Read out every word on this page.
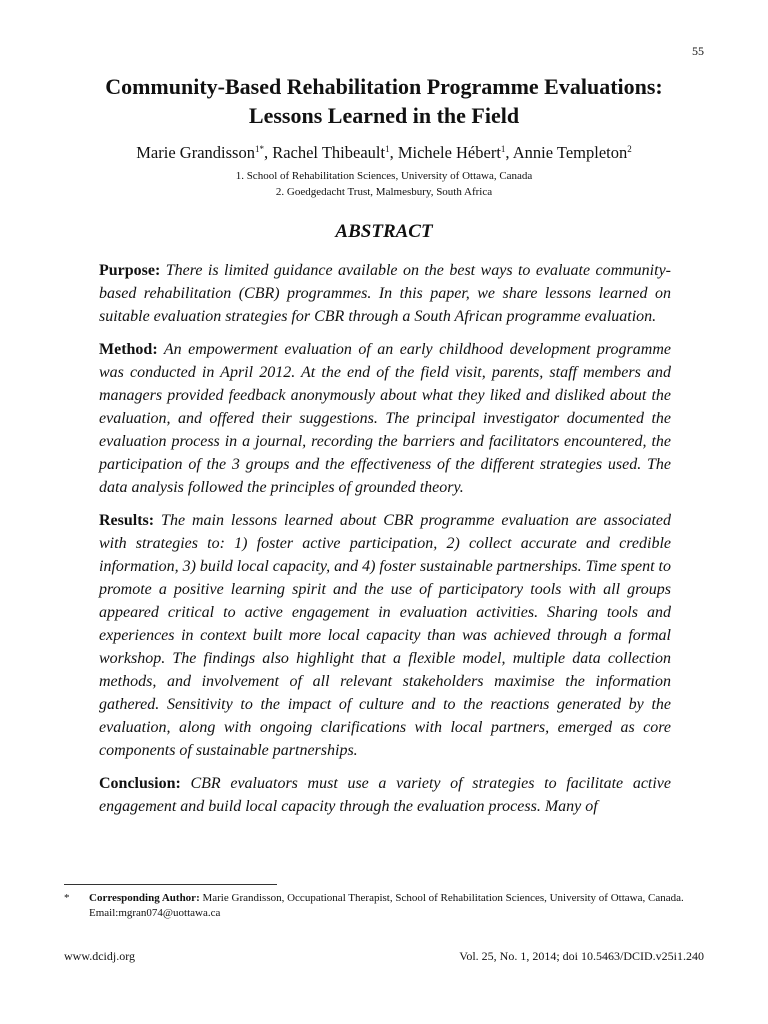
55
Community-Based Rehabilitation Programme Evaluations:
Lessons Learned in the Field
Marie Grandisson$^{1*}$, Rachel Thibeault$^1$, Michele Hébert$^1$, Annie Templeton$^2$
1. School of Rehabilitation Sciences, University of Ottawa, Canada
2. Goedgedacht Trust, Malmesbury, South Africa
ABSTRACT

Purpose: There is limited guidance available on the best ways to evaluate community-based rehabilitation (CBR) programmes. In this paper, we share lessons learned on suitable evaluation strategies for CBR through a South African programme evaluation.

Method: An empowerment evaluation of an early childhood development programme was conducted in April 2012. At the end of the field visit, parents, staff members and managers provided feedback anonymously about what they liked and disliked about the evaluation, and offered their suggestions. The principal investigator documented the evaluation process in a journal, recording the barriers and facilitators encountered, the participation of the 3 groups and the effectiveness of the different strategies used. The data analysis followed the principles of grounded theory.

Results: The main lessons learned about CBR programme evaluation are associated with strategies to: 1) foster active participation, 2) collect accurate and credible information, 3) build local capacity, and 4) foster sustainable partnerships. Time spent to promote a positive learning spirit and the use of participatory tools with all groups appeared critical to active engagement in evaluation activities. Sharing tools and experiences in context built more local capacity than was achieved through a formal workshop. The findings also highlight that a flexible model, multiple data collection methods, and involvement of all relevant stakeholders maximise the information gathered. Sensitivity to the impact of culture and to the reactions generated by the evaluation, along with ongoing clarifications with local partners, emerged as core components of sustainable partnerships.

Conclusion: CBR evaluators must use a variety of strategies to facilitate active engagement and build local capacity through the evaluation process. Many of

* Corresponding Author: Marie Grandisson, Occupational Therapist, School of Rehabilitation Sciences, University of Ottawa, Canada. Email:mgran074@uottawa.ca
www.dcidj.org	Vol. 25, No. 1, 2014; doi 10.5463/DCID.v25i1.240
